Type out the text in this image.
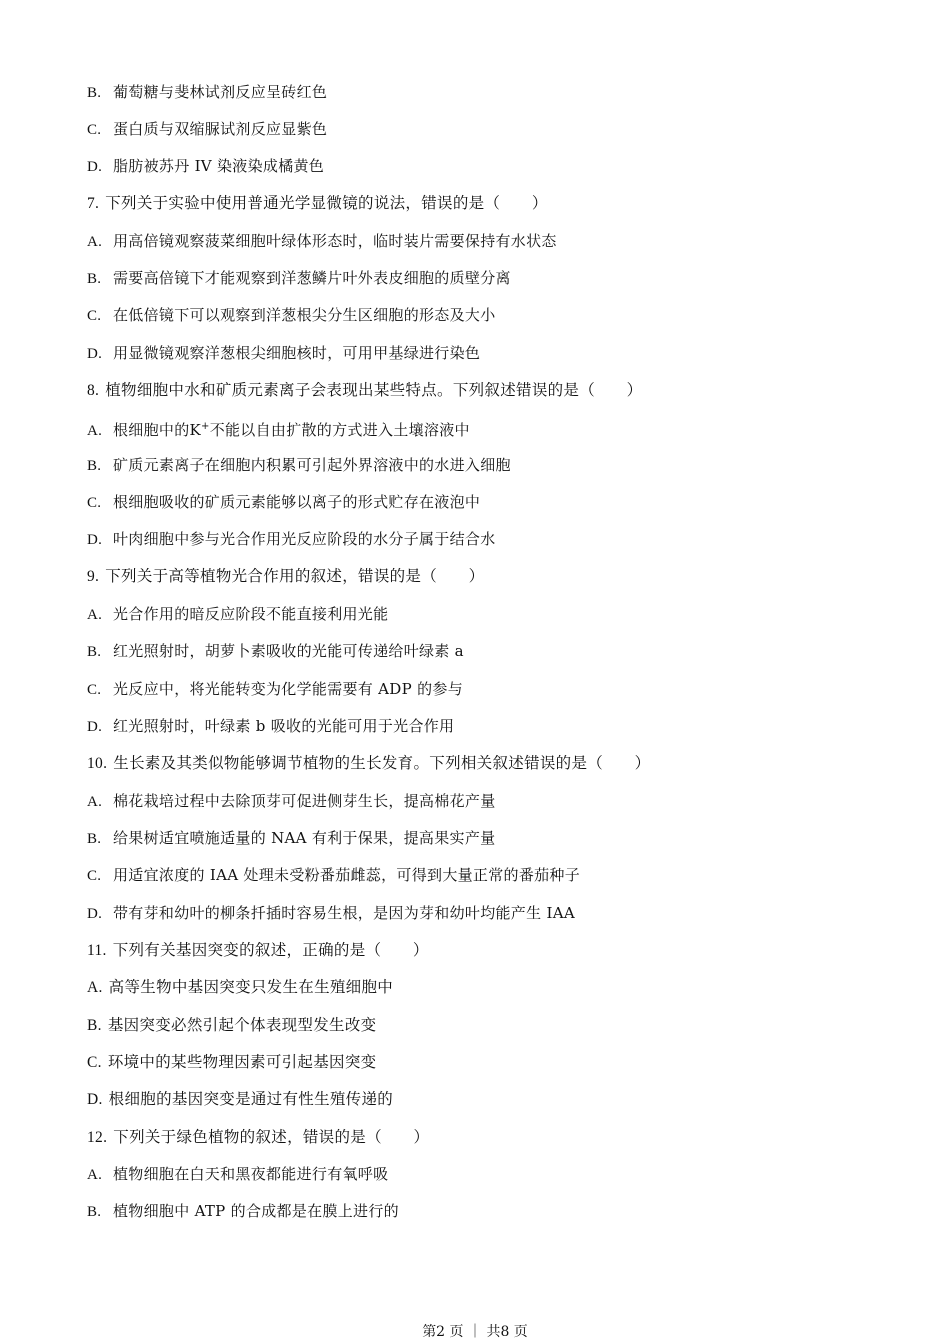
B. 葡萄糖与斐林试剂反应呈砖红色
C. 蛋白质与双缩脲试剂反应显紫色
D. 脂肪被苏丹 IV 染液染成橘黄色
7. 下列关于实验中使用普通光学显微镜的说法，错误的是（　　）
A. 用高倍镜观察菠菜细胞叶绿体形态时，临时装片需要保持有水状态
B. 需要高倍镜下才能观察到洋葱鳞片叶外表皮细胞的质壁分离
C. 在低倍镜下可以观察到洋葱根尖分生区细胞的形态及大小
D. 用显微镜观察洋葱根尖细胞核时，可用甲基绿进行染色
8. 植物细胞中水和矿质元素离子会表现出某些特点。下列叙述错误的是（　　）
A. 根细胞中的K+不能以自由扩散的方式进入土壤溶液中
B. 矿质元素离子在细胞内积累可引起外界溶液中的水进入细胞
C. 根细胞吸收的矿质元素能够以离子的形式贮存在液泡中
D. 叶肉细胞中参与光合作用光反应阶段的水分子属于结合水
9. 下列关于高等植物光合作用的叙述，错误的是（　　）
A. 光合作用的暗反应阶段不能直接利用光能
B. 红光照射时，胡萝卜素吸收的光能可传递给叶绿素 a
C. 光反应中，将光能转变为化学能需要有 ADP 的参与
D. 红光照射时，叶绿素 b 吸收的光能可用于光合作用
10. 生长素及其类似物能够调节植物的生长发育。下列相关叙述错误的是（　　）
A. 棉花栽培过程中去除顶芽可促进侧芽生长，提高棉花产量
B. 给果树适宜喷施适量的 NAA 有利于保果，提高果实产量
C. 用适宜浓度的 IAA 处理未受粉番茄雌蕊，可得到大量正常的番茄种子
D. 带有芽和幼叶的柳条扦插时容易生根，是因为芽和幼叶均能产生 IAA
11. 下列有关基因突变的叙述，正确的是（　　）
A. 高等生物中基因突变只发生在生殖细胞中
B. 基因突变必然引起个体表现型发生改变
C. 环境中的某些物理因素可引起基因突变
D. 根细胞的基因突变是通过有性生殖传递的
12. 下列关于绿色植物的叙述，错误的是（　　）
A. 植物细胞在白天和黑夜都能进行有氧呼吸
B. 植物细胞中 ATP 的合成都是在膜上进行的
第2 页 ｜ 共8 页
